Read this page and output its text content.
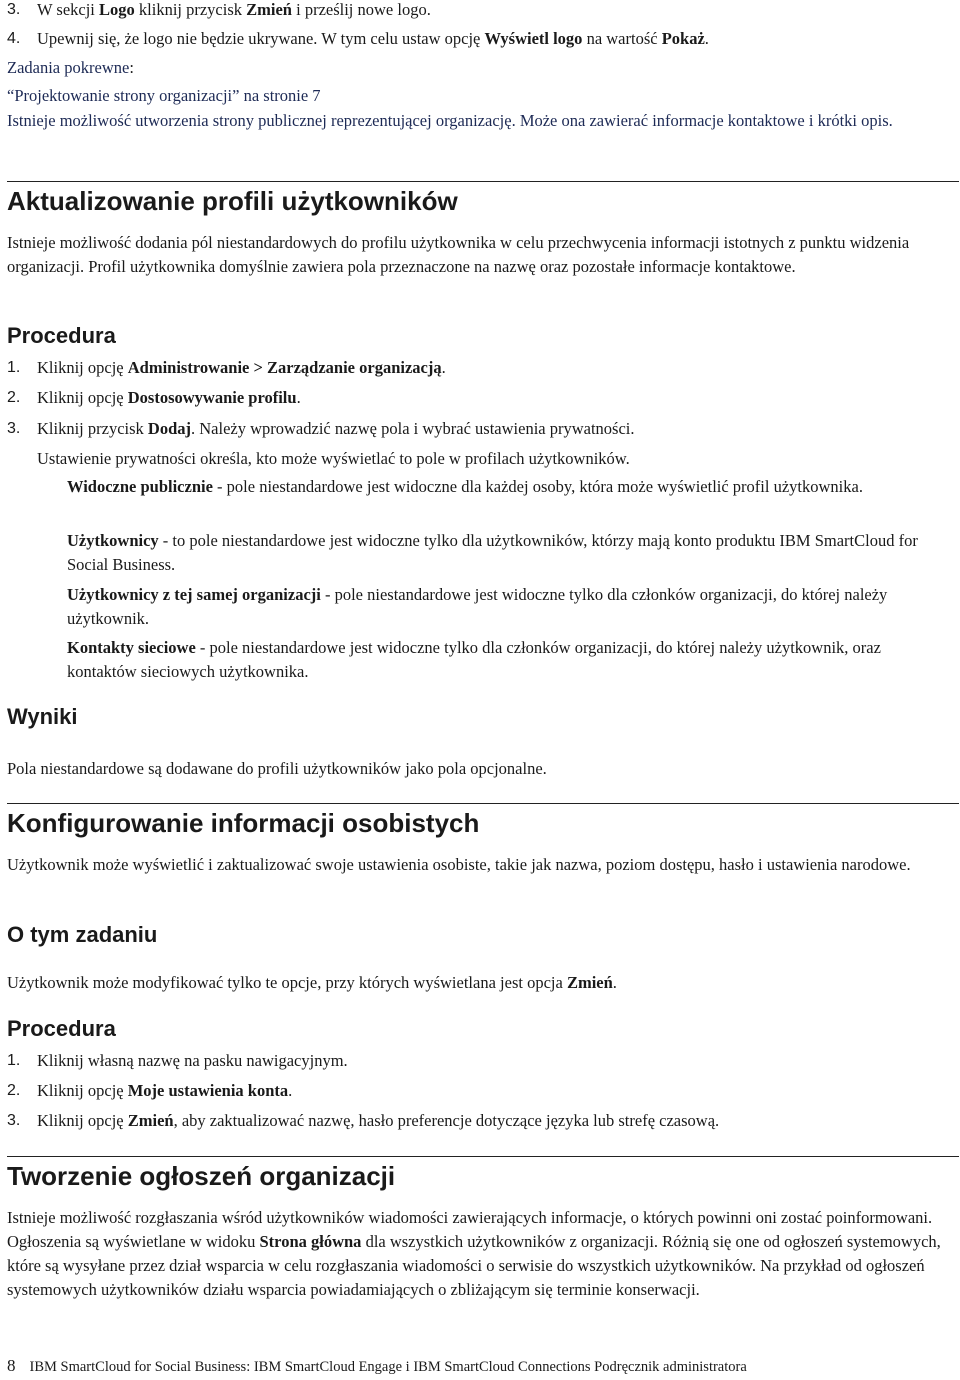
3. W sekcji Logo kliknij przycisk Zmień i prześlij nowe logo.
4. Upewnij się, że logo nie będzie ukrywane. W tym celu ustaw opcję Wyświetl logo na wartość Pokaż.
Zadania pokrewne:
“Projektowanie strony organizacji” na stronie 7
Istnieje możliwość utworzenia strony publicznej reprezentującej organizację. Może ona zawierać informacje kontaktowe i krótki opis.
Aktualizowanie profili użytkowników
Istnieje możliwość dodania pól niestandardowych do profilu użytkownika w celu przechwycenia informacji istotnych z punktu widzenia organizacji. Profil użytkownika domyślnie zawiera pola przeznaczone na nazwę oraz pozostałe informacje kontaktowe.
Procedura
1. Kliknij opcję Administrowanie > Zarządzanie organizacją.
2. Kliknij opcję Dostosowywanie profilu.
3. Kliknij przycisk Dodaj. Należy wprowadzić nazwę pola i wybrać ustawienia prywatności.
Ustawienie prywatności określa, kto może wyświetlać to pole w profilach użytkowników.
Widoczne publicznie - pole niestandardowe jest widoczne dla każdej osoby, która może wyświetlić profil użytkownika.
Użytkownicy - to pole niestandardowe jest widoczne tylko dla użytkowników, którzy mają konto produktu IBM SmartCloud for Social Business.
Użytkownicy z tej samej organizacji - pole niestandardowe jest widoczne tylko dla członków organizacji, do której należy użytkownik.
Kontakty sieciowe - pole niestandardowe jest widoczne tylko dla członków organizacji, do której należy użytkownik, oraz kontaktów sieciowych użytkownika.
Wyniki
Pola niestandardowe są dodawane do profili użytkowników jako pola opcjonalne.
Konfigurowanie informacji osobistych
Użytkownik może wyświetlić i zaktualizować swoje ustawienia osobiste, takie jak nazwa, poziom dostępu, hasło i ustawienia narodowe.
O tym zadaniu
Użytkownik może modyfikować tylko te opcje, przy których wyświetlana jest opcja Zmień.
Procedura
1. Kliknij własną nazwę na pasku nawigacyjnym.
2. Kliknij opcję Moje ustawienia konta.
3. Kliknij opcję Zmień, aby zaktualizować nazwę, hasło preferencje dotyczące języka lub strefę czasową.
Tworzenie ogłoszeń organizacji
Istnieje możliwość rozgłaszania wśród użytkowników wiadomości zawierających informacje, o których powinni oni zostać poinformowani. Ogłoszenia są wyświetlane w widoku Strona główna dla wszystkich użytkowników z organizacji. Różnią się one od ogłoszeń systemowych, które są wysyłane przez dział wsparcia w celu rozgłaszania wiadomości o serwisie do wszystkich użytkowników. Na przykład od ogłoszeń systemowych użytkowników działu wsparcia powiadamiających o zbliżającym się terminie konserwacji.
8 IBM SmartCloud for Social Business: IBM SmartCloud Engage i IBM SmartCloud Connections Podręcznik administratora
